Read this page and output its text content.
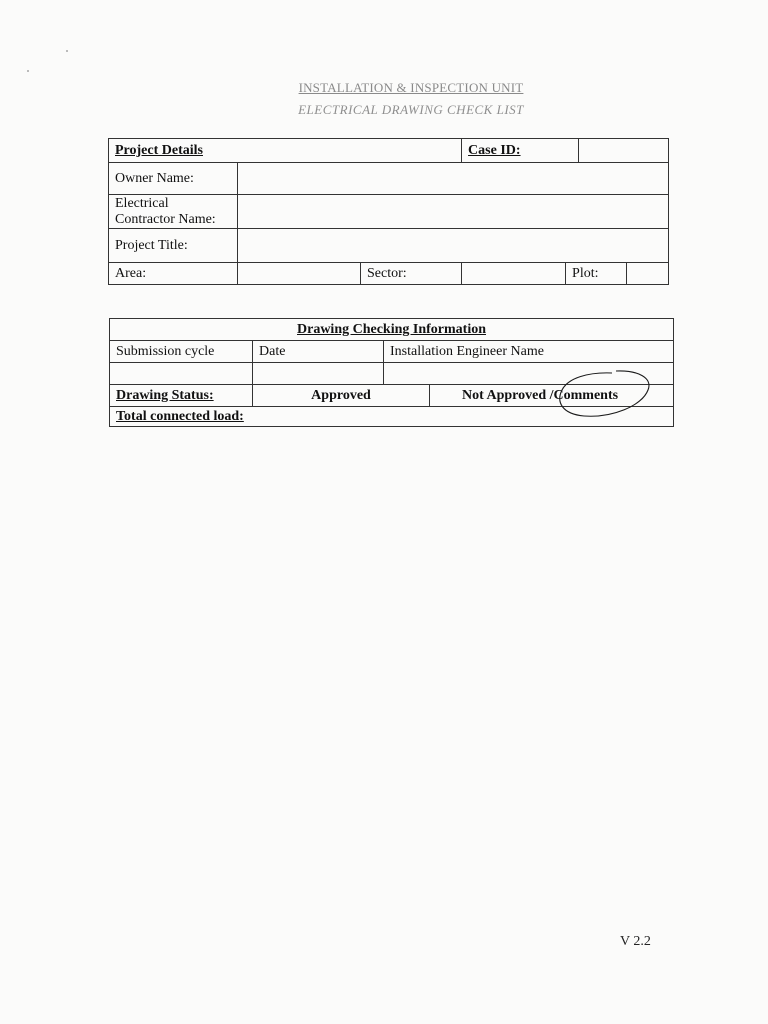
INSTALLATION & INSPECTION UNIT
ELECTRICAL DRAWING CHECK LIST
Project Details			Case ID:			
Owner Name:						
Electrical
Contractor Name:						
Project Title:						
Area:		Sector:		Plot:		
Drawing Checking Information			
Submission cycle	Date	Installation Engineer Name	

Drawing Status:	Approved		Not Approved /Comments
Total connected load:			
V 2.2
